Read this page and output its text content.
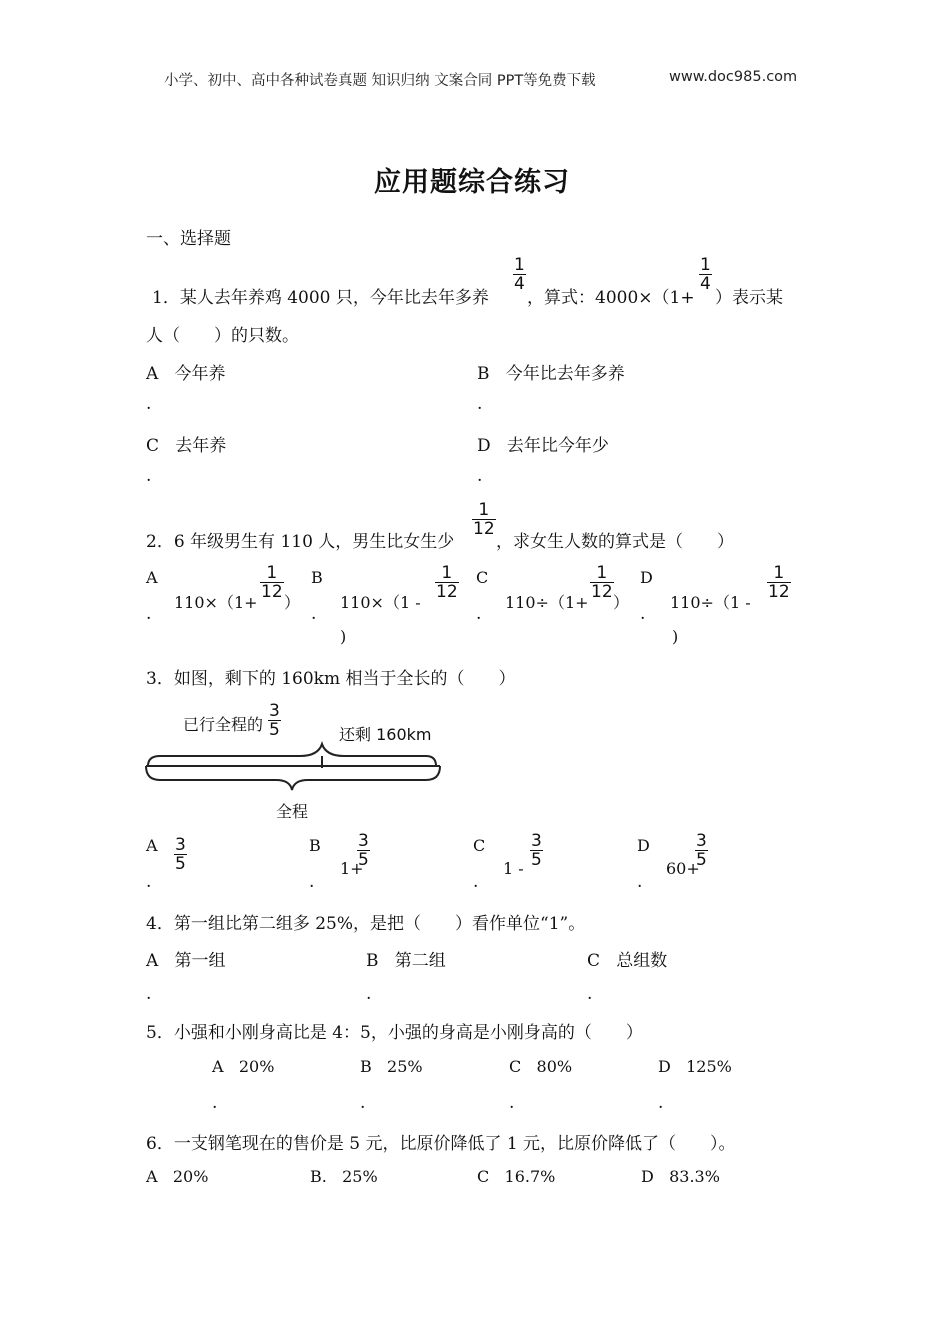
小学、初中、高中各种试卷真题 知识归纳 文案合同 PPT等免费下载	www.doc985.com
应用题综合练习
一、选择题
1．某人去年养鸡 4000 只，今年比去年多养
$\frac{1}{4}$
，算式：4000×（1+
$\frac{1}{4}$
）表示某
人（　　）的只数。
A 今年养
.
B 今年比去年多养
.
C 去年养
.
D 去年比今年少
.
2．6 年级男生有 110 人，男生比女生少
$\frac{1}{12}$
，求女生人数的算式是（　　）
A
.
110×（1+
$\frac{1}{12}$
）
B
.
110×（1 -
$\frac{1}{12}$
)
C
.
110÷（1+
$\frac{1}{12}$
）
D
.
110÷（1 -
$\frac{1}{12}$
)
3．如图，剩下的 160km 相当于全长的（　　）
已行全程的 $\frac{3}{5}$	还剩 160km
全程
A
.
$\frac{3}{5}$	B
.
1+
$\frac{3}{5}$	C
.
$1 - \frac{3}{5}$	D
.
60+
$\frac{3}{5}$
4．第一组比第二组多 25%，是把（　　）看作单位“1”。
A 第一组
.
B 第二组
.
C 总组数
.
5．小强和小刚身高比是 4：5，小强的身高是小刚身高的（　　）
A 20%
.
B 25%
.
C 80%
.
D 125%
.
6．一支钢笔现在的售价是 5 元，比原价降低了 1 元，比原价降低了（　　）。
A 20%	B. 25%	C 16.7%	D 83.3%
